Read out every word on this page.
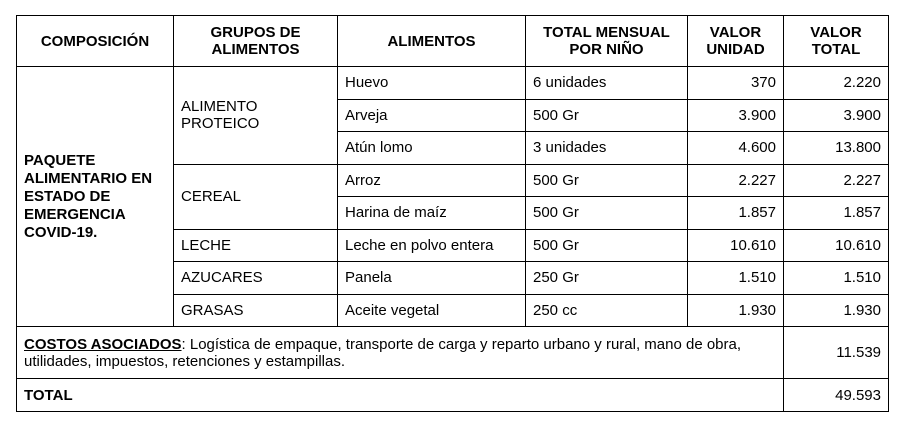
COMPOSICIÓN	GRUPOS DE ALIMENTOS	ALIMENTOS	TOTAL MENSUAL POR NIÑO	VALOR UNIDAD	VALOR TOTAL
PAQUETE ALIMENTARIO EN ESTADO DE EMERGENCIA COVID-19.	ALIMENTO PROTEICO	Huevo	6 unidades	370	2.220
		Arveja	500 Gr	3.900	3.900
		Atún lomo	3 unidades	4.600	13.800
	CEREAL	Arroz	500 Gr	2.227	2.227
		Harina de maíz	500 Gr	1.857	1.857
	LECHE	Leche en polvo entera	500 Gr	10.610	10.610
	AZUCARES	Panela	250 Gr	1.510	1.510
	GRASAS	Aceite vegetal	250 cc	1.930	1.930
COSTOS ASOCIADOS: Logística de empaque, transporte de carga y reparto urbano y rural, mano de obra, utilidades, impuestos, retenciones y estampillas.					11.539
TOTAL					49.593
